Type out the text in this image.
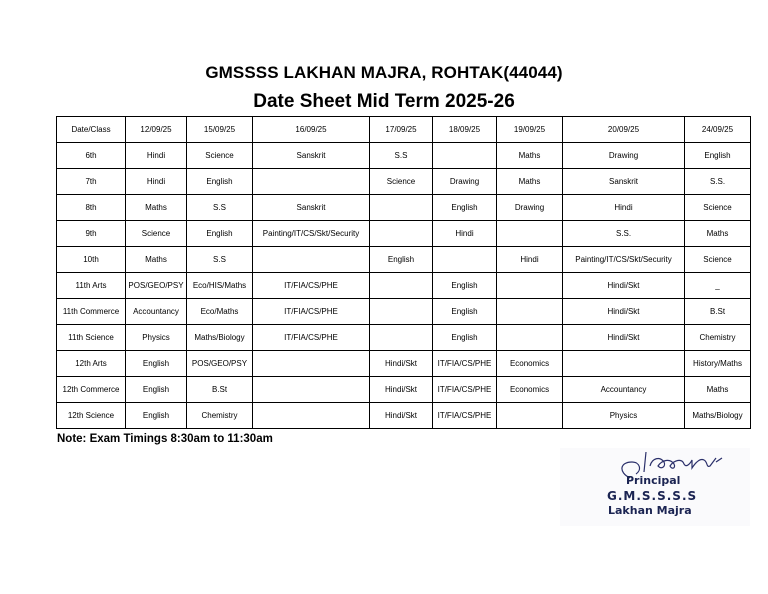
GMSSSS LAKHAN MAJRA, ROHTAK(44044)
Date Sheet Mid Term 2025-26
Date/Class	12/09/25	15/09/25	16/09/25	17/09/25	18/09/25	19/09/25	20/09/25	24/09/25
6th	Hindi	Science	Sanskrit	S.S		Maths	Drawing	English
7th	Hindi	English		Science	Drawing	Maths	Sanskrit	S.S.
8th	Maths	S.S	Sanskrit		English	Drawing	Hindi	Science
9th	Science	English	Painting/IT/CS/Skt/Security		Hindi		S.S.	Maths
10th	Maths	S.S		English		Hindi	Painting/IT/CS/Skt/Security	Science
11th Arts	POS/GEO/PSY	Eco/HIS/Maths	IT/FIA/CS/PHE		English		Hindi/Skt	_
11th Commerce	Accountancy	Eco/Maths	IT/FIA/CS/PHE		English		Hindi/Skt	B.St
11th Science	Physics	Maths/Biology	IT/FIA/CS/PHE		English		Hindi/Skt	Chemistry
12th Arts	English	POS/GEO/PSY		Hindi/Skt	IT/FIA/CS/PHE	Economics		History/Maths
12th Commerce	English	B.St		Hindi/Skt	IT/FIA/CS/PHE	Economics	Accountancy	Maths
12th Science	English	Chemistry		Hindi/Skt	IT/FIA/CS/PHE		Physics	Maths/Biology

Note: Exam Timings 8:30am to 11:30am

Principal
G.M.S.S.S.S
Lakhan Majra
